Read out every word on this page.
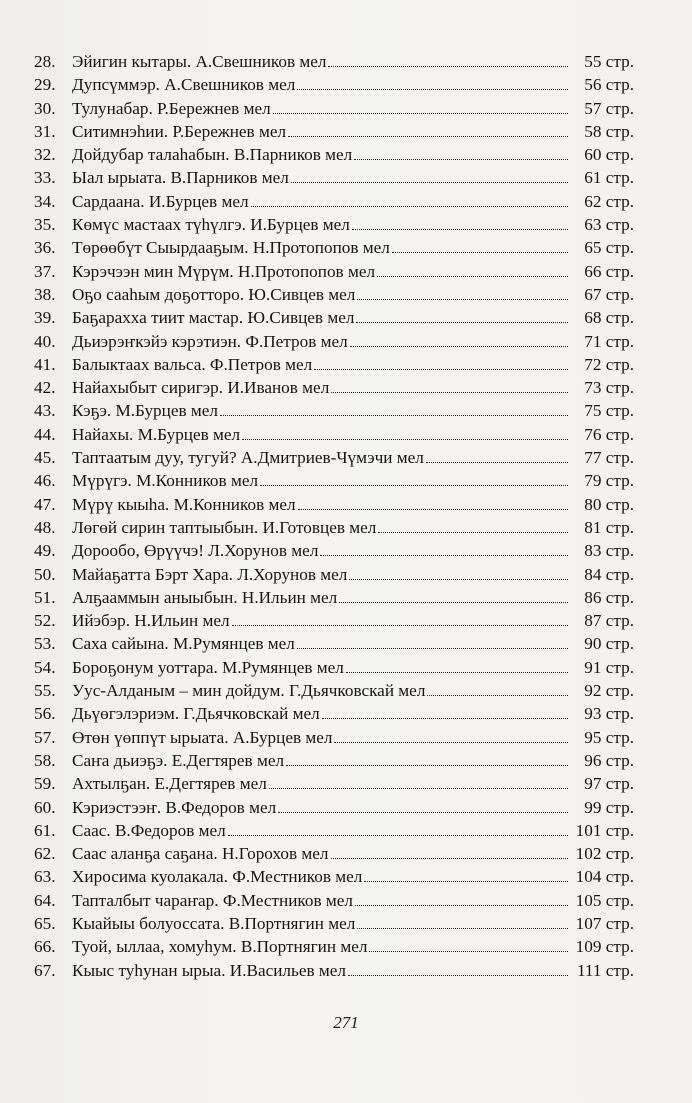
28. Эйигин кытары. А.Свешников мел	55 стр.
29. Дупсүммэр. А.Свешников мел	56 стр.
30. Тулунабар. Р.Бережнев мел	57 стр.
31. Ситимнэһии. Р.Бережнев мел	58 стр.
32. Дойдубар талаһабын. В.Парников мел	60 стр.
33. Ыал ырыата. В.Парников мел	61 стр.
34. Сардаана. И.Бурцев мел	62 стр.
35. Көмүс мастаах түһүлгэ. И.Бурцев мел	63 стр.
36. Төрөөбүт Сыырдааҕым. Н.Протопопов мел	65 стр.
37. Кэрэчээн мин Мүрүм. Н.Протопопов мел	66 стр.
38. Оҕо сааһым доҕотторо. Ю.Сивцев мел	67 стр.
39. Баҕарахха тиит мастар. Ю.Сивцев мел	68 стр.
40. Дьиэрэҥкэйэ кэрэтиэн. Ф.Петров мел	71 стр.
41. Балыктаах вальса. Ф.Петров мел	72 стр.
42. Найахыбыт сиригэр. И.Иванов мел	73 стр.
43. Кэҕэ. М.Бурцев мел	75 стр.
44. Найахы. М.Бурцев мел	76 стр.
45. Таптаатым дуу, тугуй? А.Дмитриев-Чүмэчи мел	77 стр.
46. Мүрүгэ. М.Конников мел	79 стр.
47. Мүрү кыыһа. М.Конников мел	80 стр.
48. Лөгөй сирин таптыыбын. И.Готовцев мел	81 стр.
49. Дорообо, Өрүүчэ! Л.Хорунов мел	83 стр.
50. Майаҕатта Бэрт Хара. Л.Хорунов мел	84 стр.
51. Алҕааммын аныыбын. Н.Ильин мел	86 стр.
52. Ийэбэр. Н.Ильин мел	87 стр.
53. Саха сайына. М.Румянцев мел	90 стр.
54. Бороҕонум уоттара. М.Румянцев мел	91 стр.
55. Уус-Алданым – мин дойдум. Г.Дьячковскай мел	92 стр.
56. Дьүөгэлэриэм. Г.Дьячковскай мел	93 стр.
57. Өтөн үөппүт ырыата. А.Бурцев мел	95 стр.
58. Саҥа дьиэҕэ. Е.Дегтярев мел	96 стр.
59. Ахтылҕан. Е.Дегтярев мел	97 стр.
60. Кэриэстээҥ. В.Федоров мел	99 стр.
61. Саас. В.Федоров мел	101 стр.
62. Саас аланҕа саҕана. Н.Горохов мел	102 стр.
63. Хиросима куолакала. Ф.Местников мел	104 стр.
64. Тапталбыт чараҥар. Ф.Местников мел	105 стр.
65. Кыайыы болуоссата. В.Портнягин мел	107 стр.
66. Туой, ыллаа, хомуһум. В.Портнягин мел	109 стр.
67. Кыыс туһунан ырыа. И.Васильев мел	111 стр.
271
